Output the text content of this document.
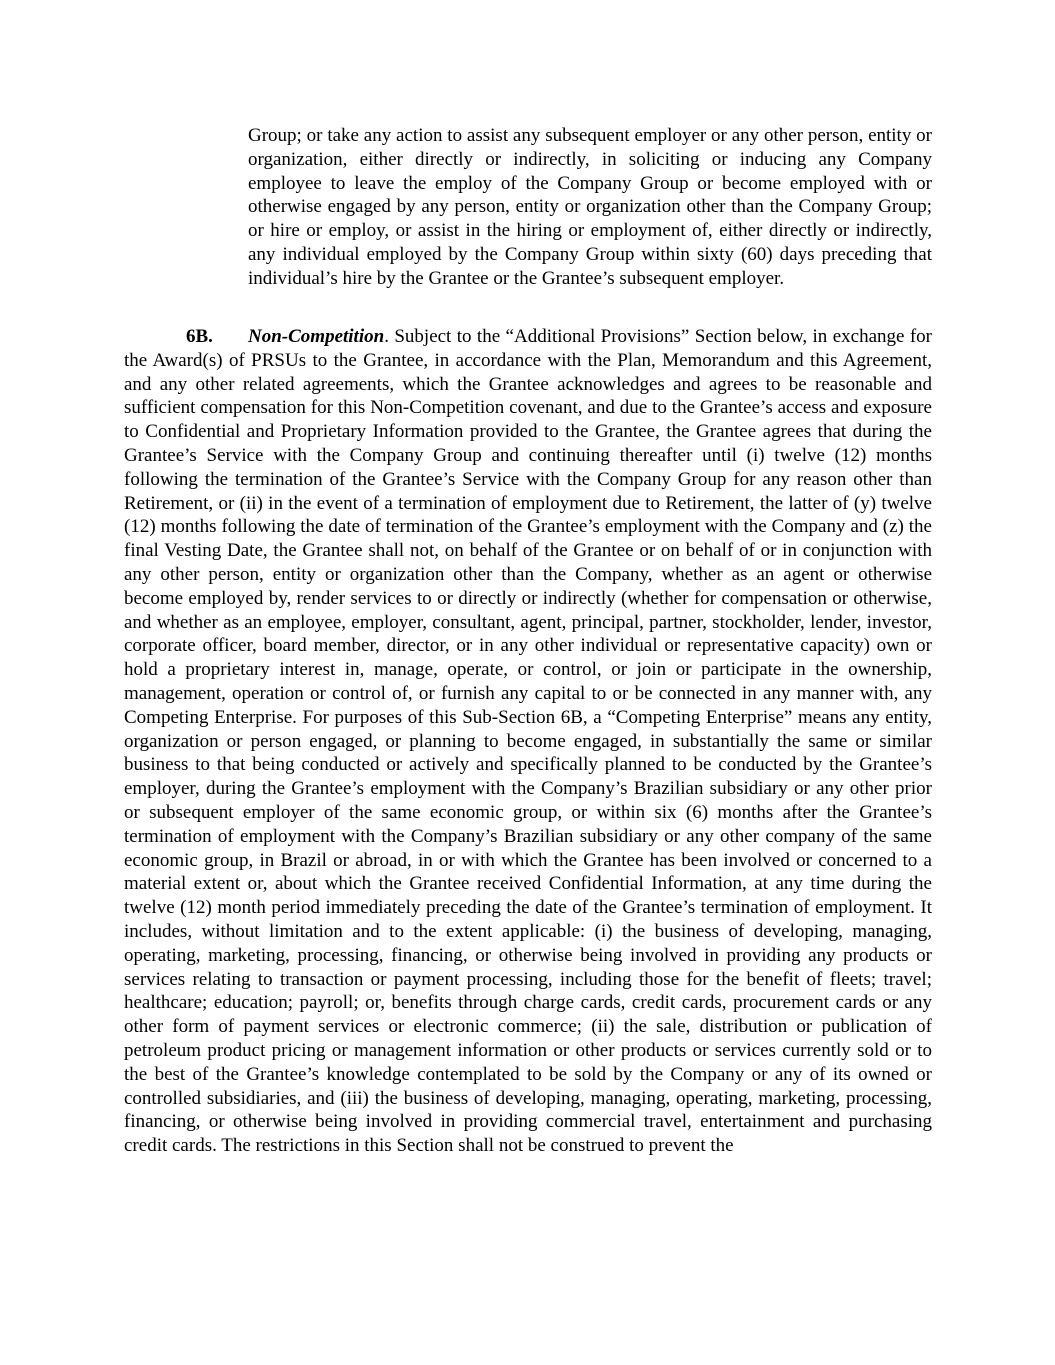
Group; or take any action to assist any subsequent employer or any other person, entity or organization, either directly or indirectly, in soliciting or inducing any Company employee to leave the employ of the Company Group or become employed with or otherwise engaged by any person, entity or organization other than the Company Group; or hire or employ, or assist in the hiring or employment of, either directly or indirectly, any individual employed by the Company Group within sixty (60) days preceding that individual’s hire by the Grantee or the Grantee’s subsequent employer.
6B. Non-Competition. Subject to the “Additional Provisions” Section below, in exchange for the Award(s) of PRSUs to the Grantee, in accordance with the Plan, Memorandum and this Agreement, and any other related agreements, which the Grantee acknowledges and agrees to be reasonable and sufficient compensation for this Non-Competition covenant, and due to the Grantee’s access and exposure to Confidential and Proprietary Information provided to the Grantee, the Grantee agrees that during the Grantee’s Service with the Company Group and continuing thereafter until (i) twelve (12) months following the termination of the Grantee’s Service with the Company Group for any reason other than Retirement, or (ii) in the event of a termination of employment due to Retirement, the latter of (y) twelve (12) months following the date of termination of the Grantee’s employment with the Company and (z) the final Vesting Date, the Grantee shall not, on behalf of the Grantee or on behalf of or in conjunction with any other person, entity or organization other than the Company, whether as an agent or otherwise become employed by, render services to or directly or indirectly (whether for compensation or otherwise, and whether as an employee, employer, consultant, agent, principal, partner, stockholder, lender, investor, corporate officer, board member, director, or in any other individual or representative capacity) own or hold a proprietary interest in, manage, operate, or control, or join or participate in the ownership, management, operation or control of, or furnish any capital to or be connected in any manner with, any Competing Enterprise. For purposes of this Sub-Section 6B, a “Competing Enterprise” means any entity, organization or person engaged, or planning to become engaged, in substantially the same or similar business to that being conducted or actively and specifically planned to be conducted by the Grantee’s employer, during the Grantee’s employment with the Company’s Brazilian subsidiary or any other prior or subsequent employer of the same economic group, or within six (6) months after the Grantee’s termination of employment with the Company’s Brazilian subsidiary or any other company of the same economic group, in Brazil or abroad, in or with which the Grantee has been involved or concerned to a material extent or, about which the Grantee received Confidential Information, at any time during the twelve (12) month period immediately preceding the date of the Grantee’s termination of employment. It includes, without limitation and to the extent applicable: (i) the business of developing, managing, operating, marketing, processing, financing, or otherwise being involved in providing any products or services relating to transaction or payment processing, including those for the benefit of fleets; travel; healthcare; education; payroll; or, benefits through charge cards, credit cards, procurement cards or any other form of payment services or electronic commerce; (ii) the sale, distribution or publication of petroleum product pricing or management information or other products or services currently sold or to the best of the Grantee’s knowledge contemplated to be sold by the Company or any of its owned or controlled subsidiaries, and (iii) the business of developing, managing, operating, marketing, processing, financing, or otherwise being involved in providing commercial travel, entertainment and purchasing credit cards. The restrictions in this Section shall not be construed to prevent the
